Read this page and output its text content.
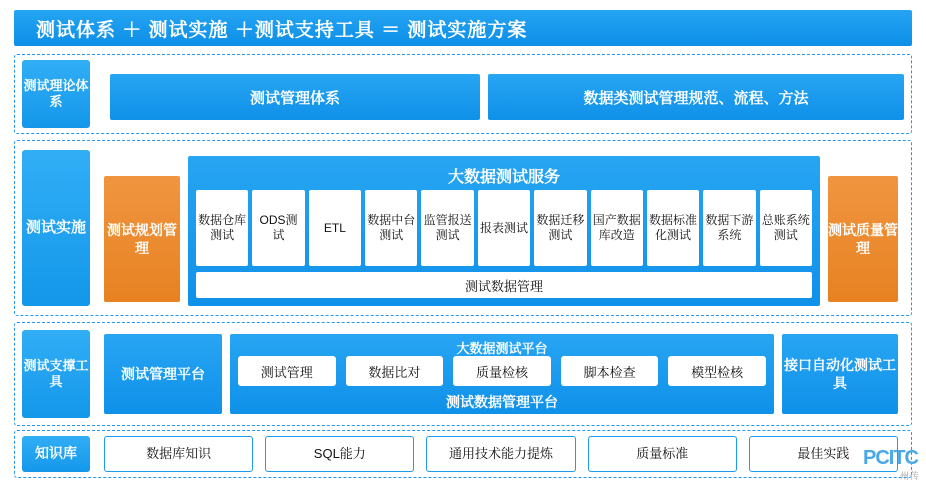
测试体系 ＋ 测试实施 ＋测试支持工具 ＝ 测试实施方案
测试理论体系	测试管理体系	数据类测试管理规范、流程、方法
测试实施 测试规划管理
测试质量管理
大数据测试服务
数据仓库测试
ODS测试
ETL
数据中台测试
监管报送测试
报表测试
数据迁移测试
国产数据库改造
数据标准化测试
数据下游系统
总账系统测试
测试数据管理
测试支撑工具	测试管理平台
接口自动化测试工具
大数据测试平台
测试管理	数据比对	质量检核	脚本检查	模型检核
测试数据管理平台
知识库	数据库知识	SQL能力	通用技术能力提炼	质量标准	最佳实践 PCITC
州传
